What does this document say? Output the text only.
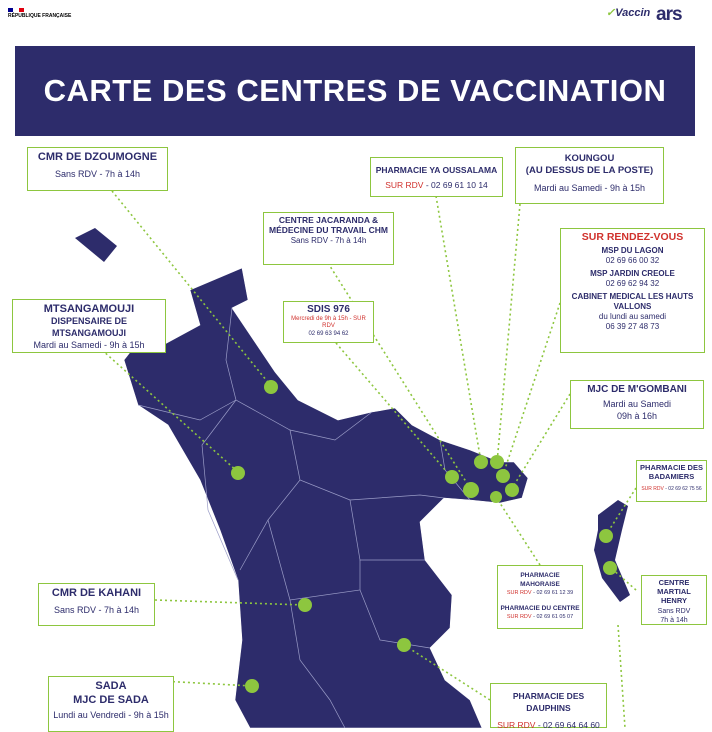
RÉPUBLIQUE FRANÇAISE	✓Vaccin ars
CARTE DES CENTRES DE VACCINATION
CMR DE DZOUMOGNE
Sans RDV - 7h à 14h
MTSANGAMOUJI
DISPENSAIRE DE MTSANGAMOUJI
Mardi au Samedi - 9h à 15h
CENTRE JACARANDA & MÉDECINE DU TRAVAIL CHM
Sans RDV - 7h à 14h
SDIS 976
Mercredi de 9h à 15h - SUR RDV
02 69 63 94 62
PHARMACIE YA OUSSALAMA
SUR RDV - 02 69 61 10 14
KOUNGOU
(AU DESSUS DE LA POSTE)
Mardi au Samedi - 9h à 15h
SUR RENDEZ-VOUS
MSP DU LAGON
02 69 66 00 32
MSP JARDIN CREOLE
02 69 62 94 32
CABINET MEDICAL LES HAUTS VALLONS
du lundi au samedi
06 39 27 48 73
MJC DE M'GOMBANI
Mardi au Samedi
09h à 16h
PHARMACIE DES BADAMIERS
SUR RDV - 02 69 62 75 56
CENTRE MARTIAL HENRY
Sans RDV
7h à 14h
PHARMACIE MAHORAISE
SUR RDV - 02 69 61 12 39
PHARMACIE DU CENTRE
SUR RDV - 02 69 61 05 07
CMR DE KAHANI
Sans RDV - 7h à 14h
SADA
MJC DE SADA
Lundi au Vendredi - 9h à 15h
PHARMACIE DES DAUPHINS
SUR RDV - 02 69 64 64 60
